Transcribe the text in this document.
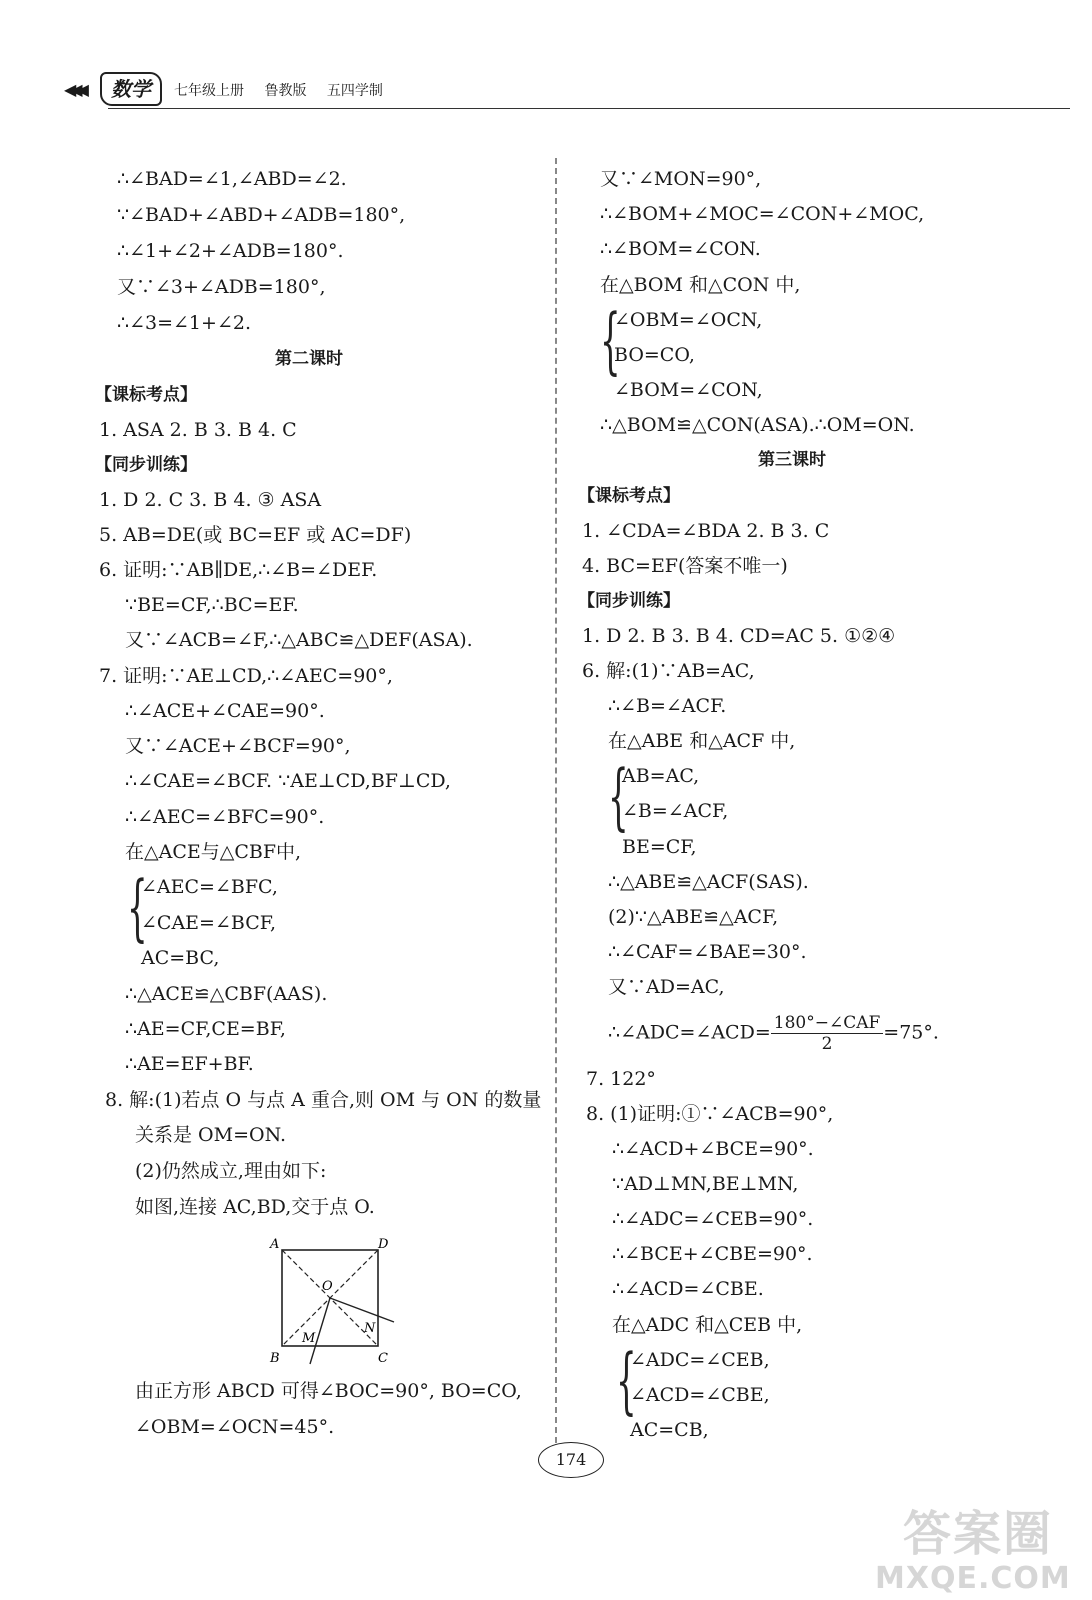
◀◀◀	数学	七年级上册 鲁教版 五四学制
∴∠BAD=∠1,∠ABD=∠2.
∵∠BAD+∠ABD+∠ADB=180°,
∴∠1+∠2+∠ADB=180°.
又∵∠3+∠ADB=180°,
∴∠3=∠1+∠2.
第二课时
【课标考点】
1. ASA 2. B 3. B 4. C
【同步训练】
1. D 2. C 3. B 4. ③ ASA
5. AB=DE(或 BC=EF 或 AC=DF)
6. 证明:∵AB∥DE,∴∠B=∠DEF.
∵BE=CF,∴BC=EF.
又∵∠ACB=∠F,∴△ABC≌△DEF(ASA).
7. 证明:∵AE⊥CD,∴∠AEC=90°,
∴∠ACE+∠CAE=90°.
又∵∠ACE+∠BCF=90°,
∴∠CAE=∠BCF. ∵AE⊥CD,BF⊥CD,
∴∠AEC=∠BFC=90°.
在△ACE与△CBF中,
{
∠AEC=∠BFC,
∠CAE=∠BCF,
AC=BC,
∴△ACE≌△CBF(AAS).
∴AE=CF,CE=BF,
∴AE=EF+BF.
8. 解:(1)若点 O 与点 A 重合,则 OM 与 ON 的数量
关系是 OM=ON.
(2)仍然成立,理由如下:
如图,连接 AC,BD,交于点 O.
由正方形 ABCD 可得∠BOC=90°, BO=CO,
∠OBM=∠OCN=45°.
A	D
O
M
N
B	C
又∵∠MON=90°,
∴∠BOM+∠MOC=∠CON+∠MOC,
∴∠BOM=∠CON.
在△BOM 和△CON 中,
{
∠OBM=∠OCN,
BO=CO,
∠BOM=∠CON,
∴△BOM≌△CON(ASA).∴OM=ON.
第三课时
【课标考点】
1. ∠CDA=∠BDA 2. B 3. C
4. BC=EF(答案不唯一)
【同步训练】
1. D 2. B 3. B 4. CD=AC 5. ①②④
6. 解:(1)∵AB=AC,
∴∠B=∠ACF.
在△ABE 和△ACF 中,
{
AB=AC,
∠B=∠ACF,
BE=CF,
∴△ABE≌△ACF(SAS).
(2)∵△ABE≌△ACF,
∴∠CAF=∠BAE=30°.
又∵AD=AC,
∴∠ADC=∠ACD= $\frac{\text{180°−∠CAF}}{2} =75^\circ$.
7. 122°
8. (1)证明:①∵∠ACB=90°,
∴∠ACD+∠BCE=90°.
∵AD⊥MN,BE⊥MN,
∴∠ADC=∠CEB=90°.
∴∠BCE+∠CBE=90°.
∴∠ACD=∠CBE.
在△ADC 和△CEB 中,
{
∠ADC=∠CEB,
∠ACD=∠CBE,
AC=CB,
174
答案圈
MXQE.COM
